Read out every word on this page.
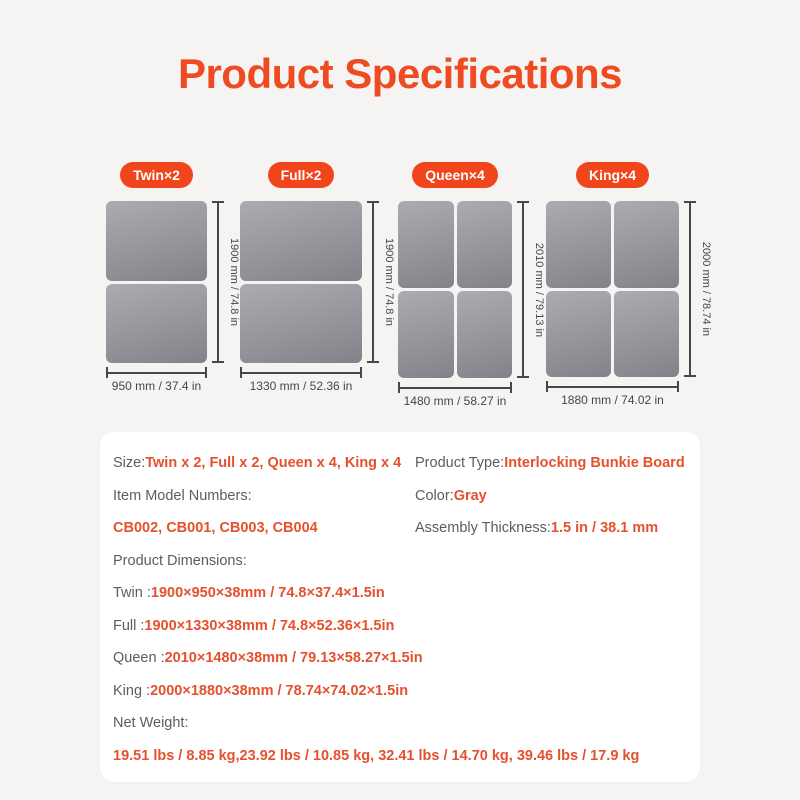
Product Specifications
Twin×2
1900 mm / 74.8 in
950 mm / 37.4 in
Full×2
1900 mm / 74.8 in
1330 mm / 52.36 in
Queen×4
2010 mm / 79.13 in
1480 mm / 58.27 in
King×4
2000 mm / 78.74 in
1880 mm / 74.02 in
Size: Twin x 2, Full x 2, Queen x 4, King x 4
Item Model Numbers:
CB002, CB001, CB003, CB004
Product Type: Interlocking Bunkie Board
Color: Gray
Assembly Thickness: 1.5 in / 38.1 mm
Product Dimensions:
Twin : 1900×950×38mm / 74.8×37.4×1.5in
Full : 1900×1330×38mm / 74.8×52.36×1.5in
Queen : 2010×1480×38mm / 79.13×58.27×1.5in
King : 2000×1880×38mm / 78.74×74.02×1.5in
Net Weight:
19.51 lbs / 8.85 kg,23.92 lbs / 10.85 kg, 32.41 lbs / 14.70 kg, 39.46 lbs / 17.9 kg
